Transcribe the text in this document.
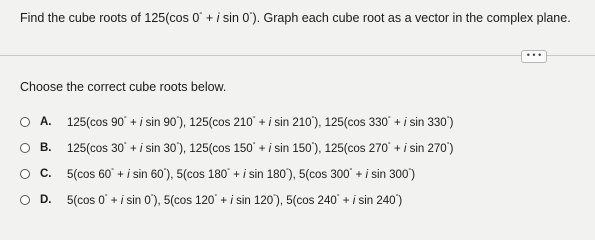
Find the cube roots of 125(cos 0° + i sin 0°). Graph each cube root as a vector in the complex plane.
• • •
Choose the correct cube roots below.
A.	125(cos 90° + i sin 90°), 125(cos 210° + i sin 210°), 125(cos 330° + i sin 330°)
B.	125(cos 30° + i sin 30°), 125(cos 150° + i sin 150°), 125(cos 270° + i sin 270°)
C.	5(cos 60° + i sin 60°), 5(cos 180° + i sin 180°), 5(cos 300° + i sin 300°)
D.	5(cos 0° + i sin 0°), 5(cos 120° + i sin 120°), 5(cos 240° + i sin 240°)
